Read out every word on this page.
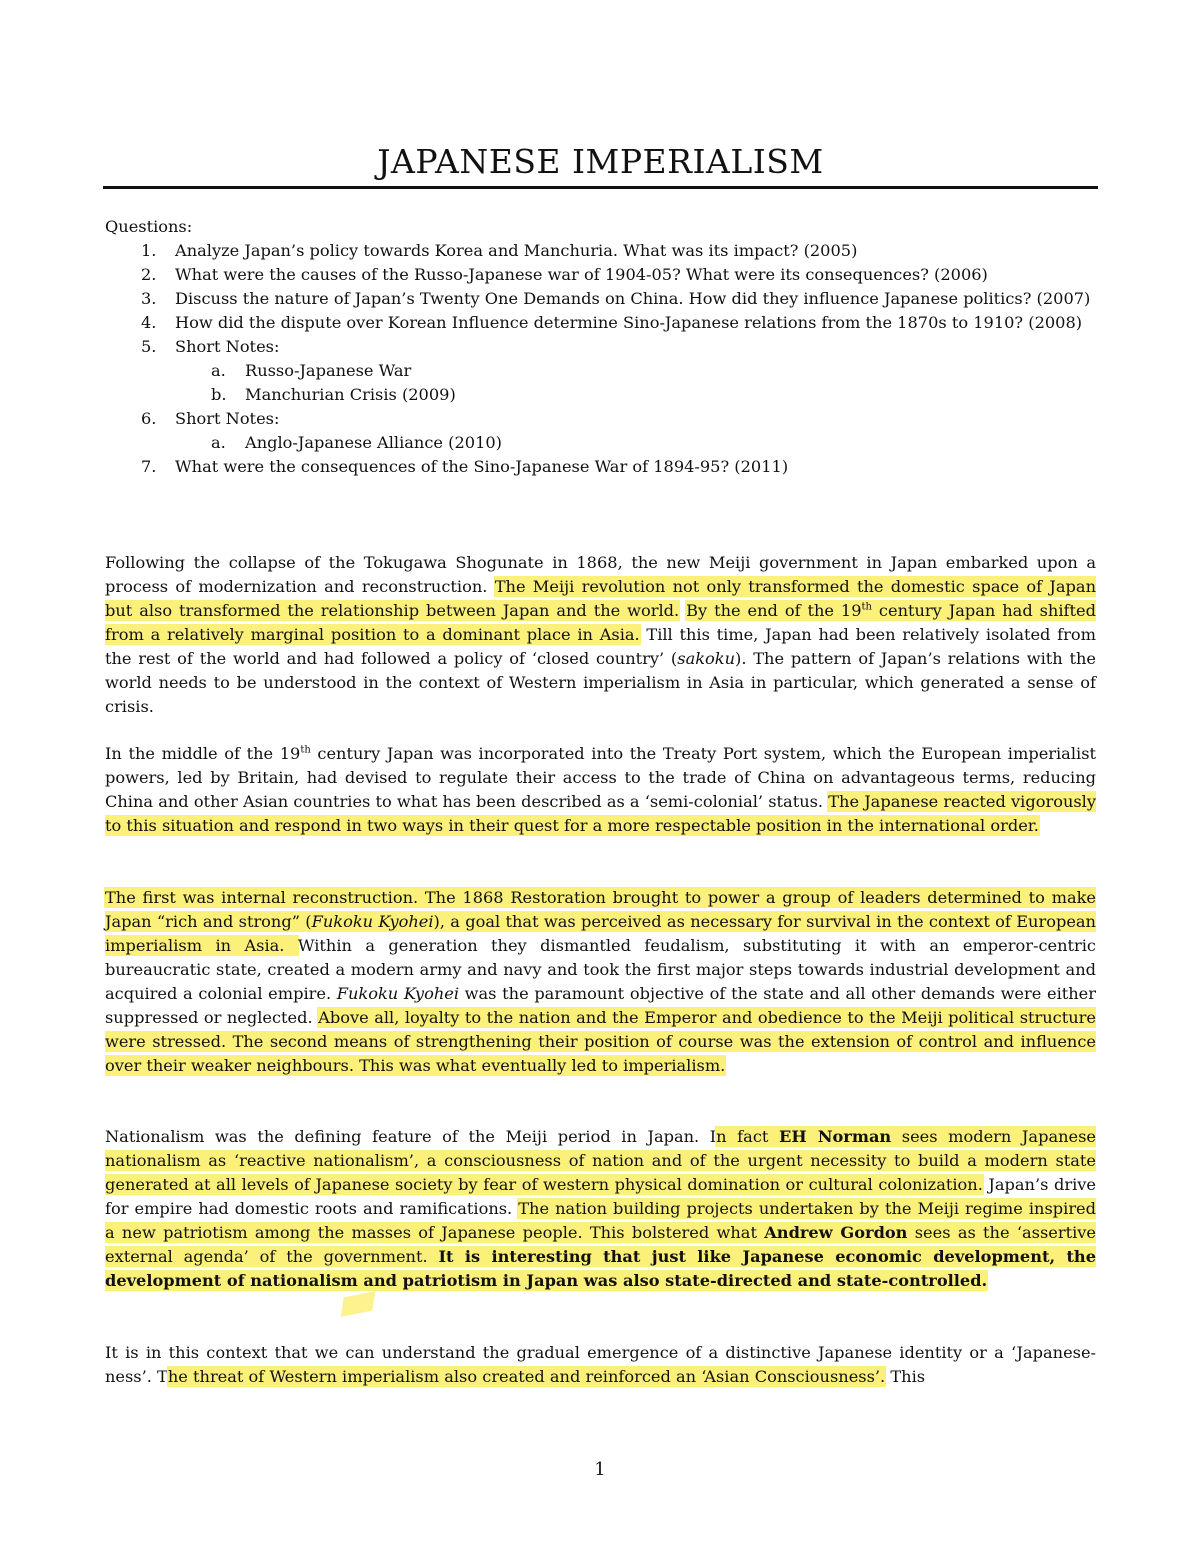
JAPANESE IMPERIALISM

Questions:

1. Analyze Japan’s policy towards Korea and Manchuria. What was its impact? (2005)
2. What were the causes of the Russo-Japanese war of 1904-05? What were its consequences? (2006)
3. Discuss the nature of Japan’s Twenty One Demands on China. How did they influence Japanese politics? (2007)
4. How did the dispute over Korean Influence determine Sino-Japanese relations from the 1870s to 1910? (2008)
5. Short Notes:
a. Russo-Japanese War
b. Manchurian Crisis (2009)
6. Short Notes:
a. Anglo-Japanese Alliance (2010)
7. What were the consequences of the Sino-Japanese War of 1894-95? (2011)

Following the collapse of the Tokugawa Shogunate in 1868, the new Meiji government in Japan embarked upon a process of modernization and reconstruction. The Meiji revolution not only transformed the domestic space of Japan but also transformed the relationship between Japan and the world. By the end of the 19th century Japan had shifted from a relatively marginal position to a dominant place in Asia. Till this time, Japan had been relatively isolated from the rest of the world and had followed a policy of ‘closed country’ (sakoku). The pattern of Japan’s relations with the world needs to be understood in the context of Western imperialism in Asia in particular, which generated a sense of crisis.

In the middle of the 19th century Japan was incorporated into the Treaty Port system, which the European imperialist powers, led by Britain, had devised to regulate their access to the trade of China on advantageous terms, reducing China and other Asian countries to what has been described as a ‘semi-colonial’ status. The Japanese reacted vigorously to this situation and respond in two ways in their quest for a more respectable position in the international order.

The first was internal reconstruction. The 1868 Restoration brought to power a group of leaders determined to make Japan “rich and strong” (Fukoku Kyohei), a goal that was perceived as necessary for survival in the context of European imperialism in Asia. Within a generation they dismantled feudalism, substituting it with an emperor-centric bureaucratic state, created a modern army and navy and took the first major steps towards industrial development and acquired a colonial empire. Fukoku Kyohei was the paramount objective of the state and all other demands were either suppressed or neglected. Above all, loyalty to the nation and the Emperor and obedience to the Meiji political structure were stressed. The second means of strengthening their position of course was the extension of control and influence over their weaker neighbours. This was what eventually led to imperialism.

Nationalism was the defining feature of the Meiji period in Japan. In fact EH Norman sees modern Japanese nationalism as ‘reactive nationalism’, a consciousness of nation and of the urgent necessity to build a modern state generated at all levels of Japanese society by fear of western physical domination or cultural colonization. Japan’s drive for empire had domestic roots and ramifications. The nation building projects undertaken by the Meiji regime inspired a new patriotism among the masses of Japanese people. This bolstered what Andrew Gordon sees as the ‘assertive external agenda’ of the government. It is interesting that just like Japanese economic development, the development of nationalism and patriotism in Japan was also state-directed and state-controlled.

It is in this context that we can understand the gradual emergence of a distinctive Japanese identity or a ‘Japanese-ness’. The threat of Western imperialism also created and reinforced an ‘Asian Consciousness’. This

1
